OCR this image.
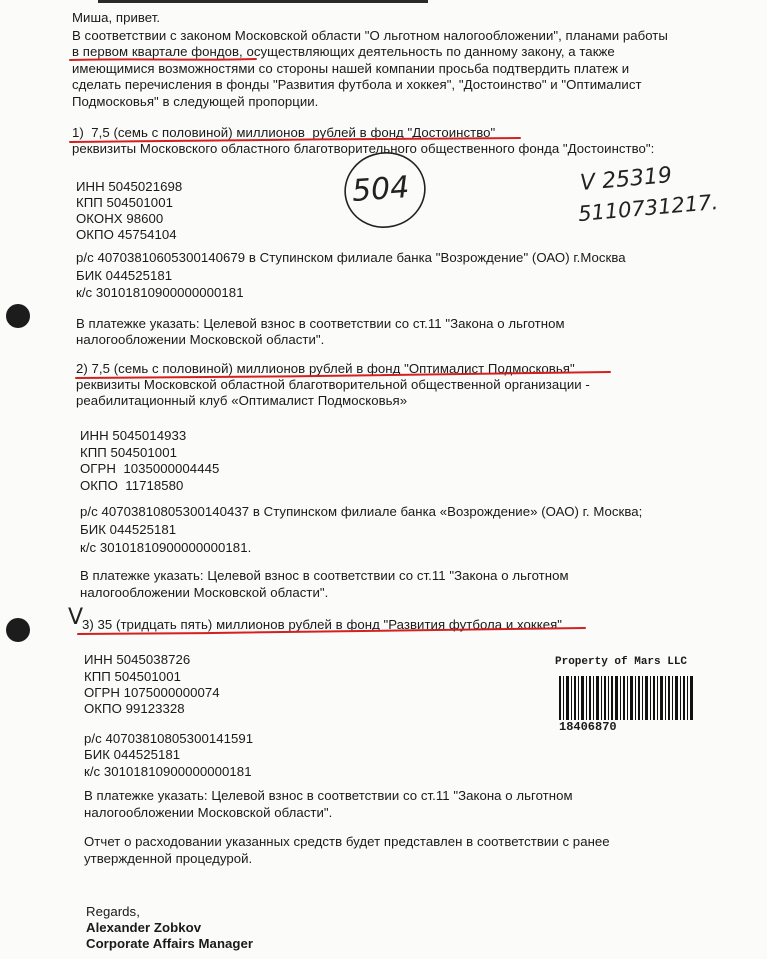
Миша, привет.
В соответствии с законом Московской области "О льготном налогообложении", планами работы
в первом квартале фондов, осуществляющих деятельность по данному закону, а также
имеющимися возможностями со стороны нашей компании просьба подтвердить платеж и
сделать перечисления в фонды "Развития футбола и хоккея", "Достоинство" и "Оптималист
Подмосковья" в следующей пропорции.
1)  7,5 (семь с половиной) миллионов  рублей в фонд "Достоинство"
реквизиты Московского областного благотворительного общественного фонда "Достоинство":
ИНН 5045021698
КПП 504501001
ОКОНХ 98600
ОКПО 45754104
р/с 40703810605300140679 в Ступинском филиале банка "Возрождение" (ОАО) г.Москва
БИК 044525181
к/с 30101810900000000181
В платежке указать: Целевой взнос в соответствии со ст.11 "Закона о льготном
налогообложении Московской области".
2) 7,5 (семь с половиной) миллионов рублей в фонд "Оптималист Подмосковья"
реквизиты Московской областной благотворительной общественной организации -
реабилитационный клуб «Оптималист Подмосковья»
ИНН 5045014933
КПП 504501001
ОГРН  1035000004445
ОКПО  11718580
р/с 40703810805300140437 в Ступинском филиале банка «Возрождение» (ОАО) г. Москва;
БИК 044525181
к/с 30101810900000000181.
В платежке указать: Целевой взнос в соответствии со ст.11 "Закона о льготном
налогообложении Московской области".
3) 35 (тридцать пять) миллионов рублей в фонд "Развития футбола и хоккея"
ИНН 5045038726
КПП 504501001
ОГРН 1075000000074
ОКПО 99123328
р/с 40703810805300141591
БИК 044525181
к/с 30101810900000000181
В платежке указать: Целевой взнос в соответствии со ст.11 "Закона о льготном
налогообложении Московской области".
Отчет о расходовании указанных средств будет представлен в соответствии с ранее
утвержденной процедурой.
Regards,
Alexander Zobkov
Corporate Affairs Manager
504	V 25319
5110731217.
V
Property of Mars LLC
18406870
